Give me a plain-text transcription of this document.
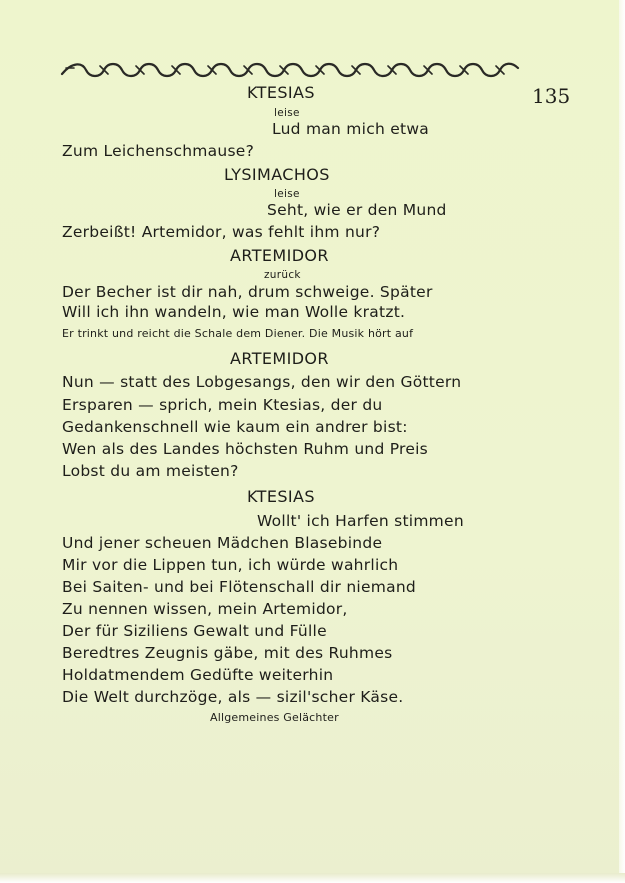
135
KTESIAS
leise
Lud man mich etwa
Zum Leichenschmause?
LYSIMACHOS
leise
Seht, wie er den Mund
Zerbeißt! Artemidor, was fehlt ihm nur?
ARTEMIDOR
zurück
Der Becher ist dir nah, drum schweige. Später
Will ich ihn wandeln, wie man Wolle kratzt.
Er trinkt und reicht die Schale dem Diener. Die Musik hört auf
ARTEMIDOR
Nun — statt des Lobgesangs, den wir den Göttern
Ersparen — sprich, mein Ktesias, der du
Gedankenschnell wie kaum ein andrer bist:
Wen als des Landes höchsten Ruhm und Preis
Lobst du am meisten?
KTESIAS
Wollt' ich Harfen stimmen
Und jener scheuen Mädchen Blasebinde
Mir vor die Lippen tun, ich würde wahrlich
Bei Saiten- und bei Flötenschall dir niemand
Zu nennen wissen, mein Artemidor,
Der für Siziliens Gewalt und Fülle
Beredtres Zeugnis gäbe, mit des Ruhmes
Holdatmendem Gedüfte weiterhin
Die Welt durchzöge, als — sizil'scher Käse.
Allgemeines Gelächter
